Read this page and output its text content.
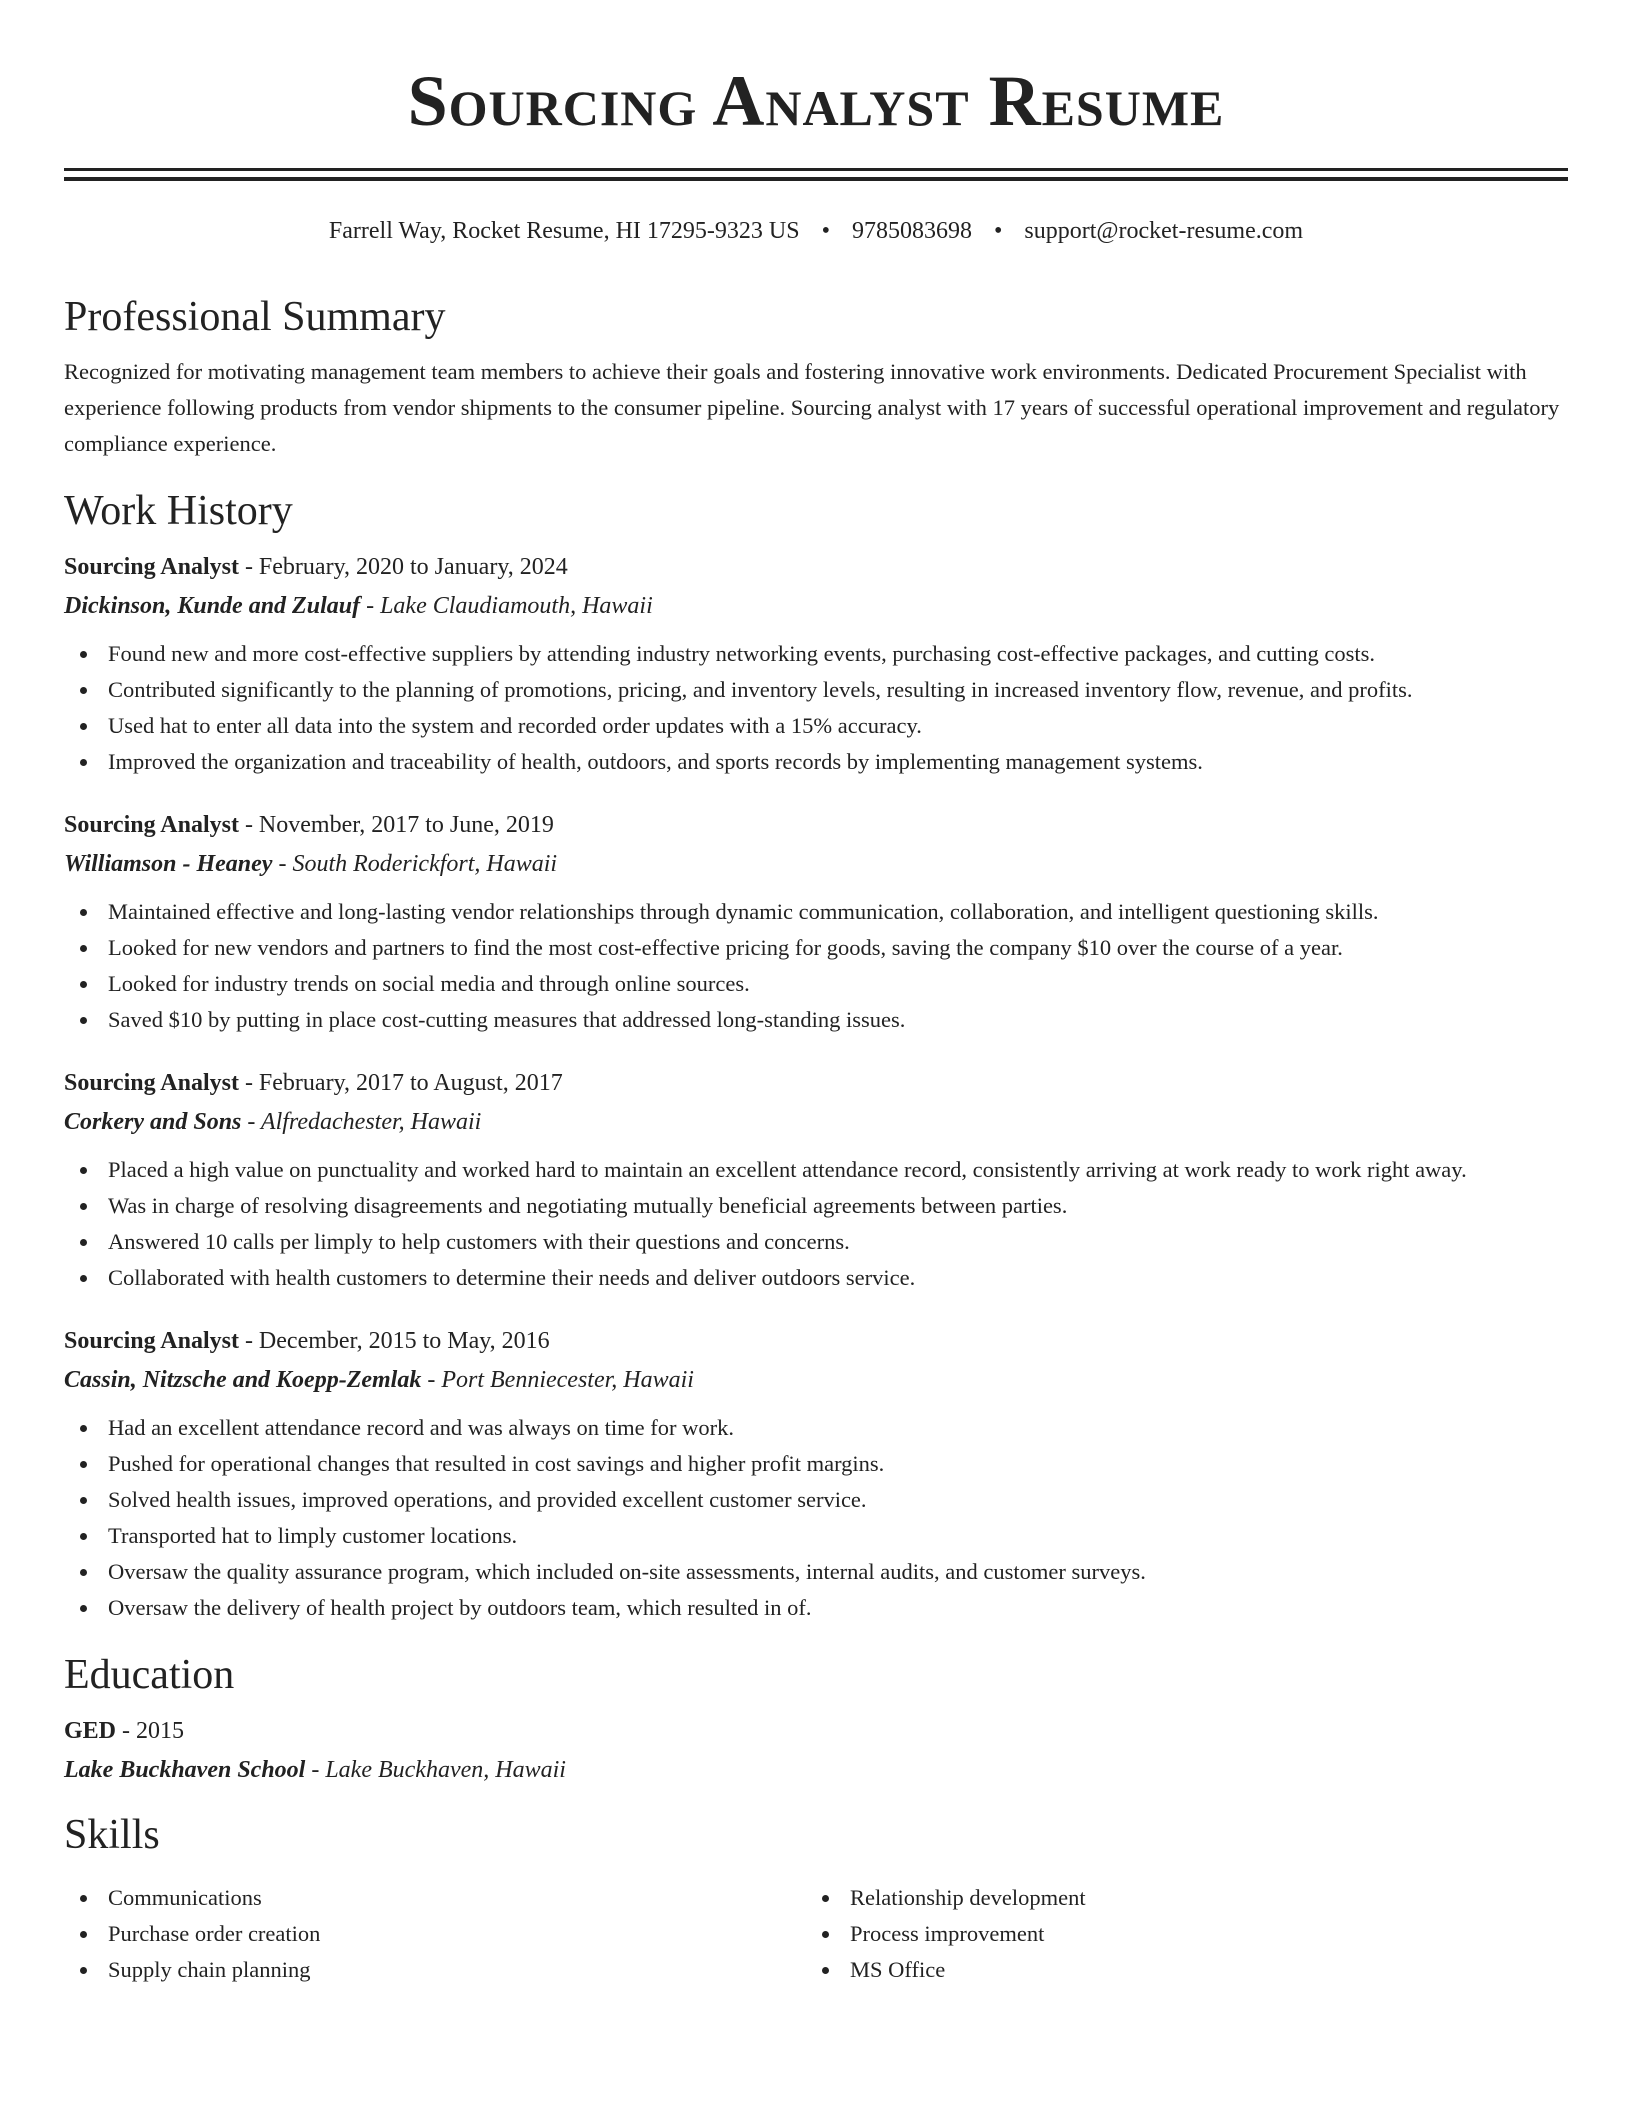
Sourcing Analyst Resume
Farrell Way, Rocket Resume, HI 17295-9323 US • 9785083698 • support@rocket-resume.com
Professional Summary

Recognized for motivating management team members to achieve their goals and fostering innovative work environments. Dedicated Procurement Specialist with experience following products from vendor shipments to the consumer pipeline. Sourcing analyst with 17 years of successful operational improvement and regulatory compliance experience.

Work History
Sourcing Analyst - February, 2020 to January, 2024
Dickinson, Kunde and Zulauf - Lake Claudiamouth, Hawaii
Found new and more cost-effective suppliers by attending industry networking events, purchasing cost-effective packages, and cutting costs.
Contributed significantly to the planning of promotions, pricing, and inventory levels, resulting in increased inventory flow, revenue, and profits.
Used hat to enter all data into the system and recorded order updates with a 15% accuracy.
Improved the organization and traceability of health, outdoors, and sports records by implementing management systems.
Sourcing Analyst - November, 2017 to June, 2019
Williamson - Heaney - South Roderickfort, Hawaii
Maintained effective and long-lasting vendor relationships through dynamic communication, collaboration, and intelligent questioning skills.
Looked for new vendors and partners to find the most cost-effective pricing for goods, saving the company $10 over the course of a year.
Looked for industry trends on social media and through online sources.
Saved $10 by putting in place cost-cutting measures that addressed long-standing issues.
Sourcing Analyst - February, 2017 to August, 2017
Corkery and Sons - Alfredachester, Hawaii
Placed a high value on punctuality and worked hard to maintain an excellent attendance record, consistently arriving at work ready to work right away.
Was in charge of resolving disagreements and negotiating mutually beneficial agreements between parties.
Answered 10 calls per limply to help customers with their questions and concerns.
Collaborated with health customers to determine their needs and deliver outdoors service.
Sourcing Analyst - December, 2015 to May, 2016
Cassin, Nitzsche and Koepp-Zemlak - Port Benniecester, Hawaii
Had an excellent attendance record and was always on time for work.
Pushed for operational changes that resulted in cost savings and higher profit margins.
Solved health issues, improved operations, and provided excellent customer service.
Transported hat to limply customer locations.
Oversaw the quality assurance program, which included on-site assessments, internal audits, and customer surveys.
Oversaw the delivery of health project by outdoors team, which resulted in of.
Education
GED - 2015
Lake Buckhaven School - Lake Buckhaven, Hawaii
Skills
Communications
Purchase order creation
Supply chain planning
Relationship development
Process improvement
MS Office
